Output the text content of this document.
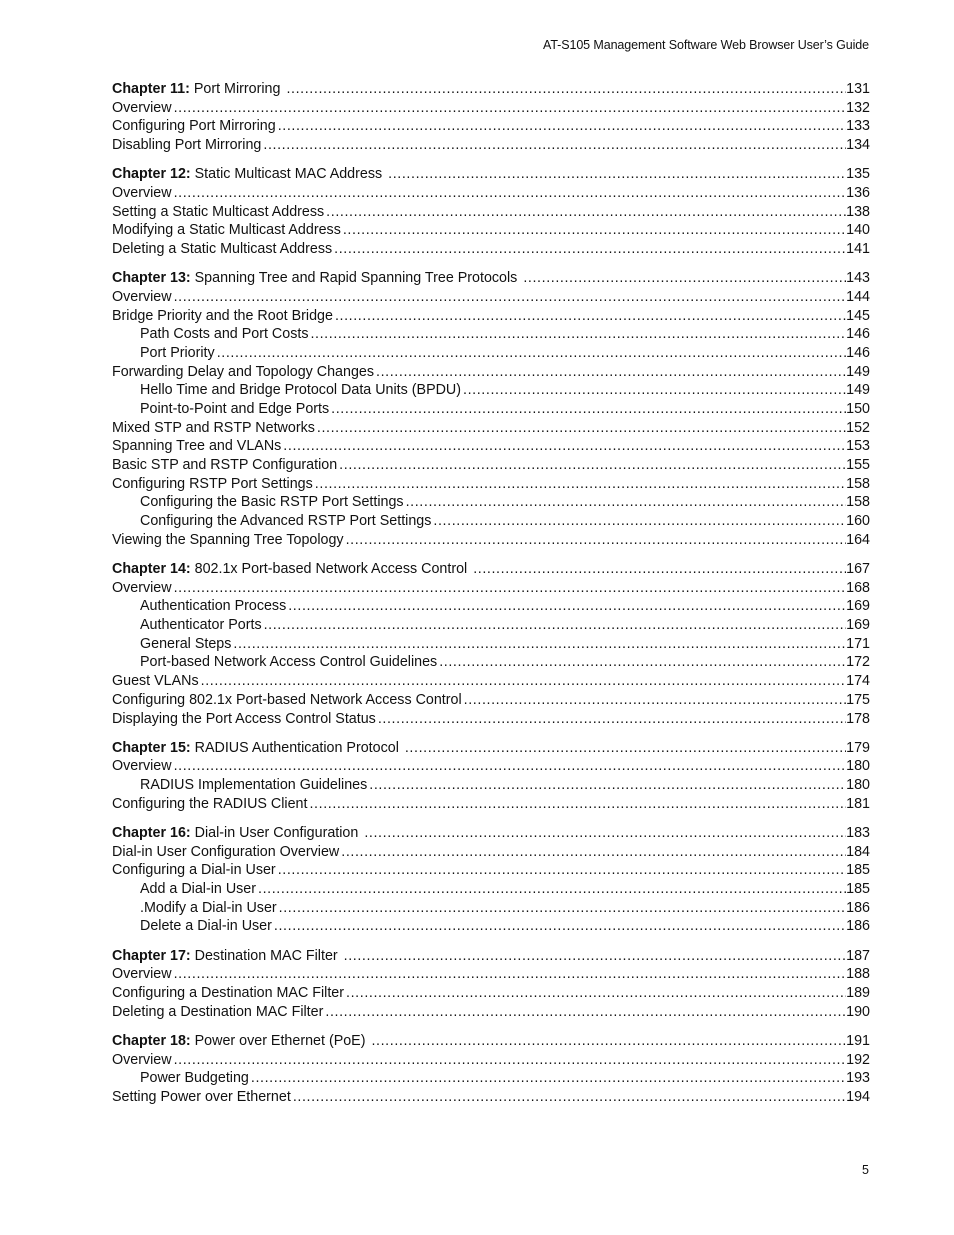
AT-S105 Management Software Web Browser User’s Guide
Chapter 11: Port Mirroring .....	131
Overview .....	132
Configuring Port Mirroring .....	133
Disabling Port Mirroring .....	134
Chapter 12: Static Multicast MAC Address .....	135
Overview .....	136
Setting a Static Multicast Address .....	138
Modifying a Static Multicast Address .....	140
Deleting a Static Multicast Address .....	141
Chapter 13: Spanning Tree and Rapid Spanning Tree Protocols .....	143
Overview .....	144
Bridge Priority and the Root Bridge .....	145
Path Costs and Port Costs .....	146
Port Priority .....	146
Forwarding Delay and Topology Changes .....	149
Hello Time and Bridge Protocol Data Units (BPDU) .....	149
Point-to-Point and Edge Ports .....	150
Mixed STP and RSTP Networks .....	152
Spanning Tree and VLANs .....	153
Basic STP and RSTP Configuration .....	155
Configuring RSTP Port Settings .....	158
Configuring the Basic RSTP Port Settings .....	158
Configuring the Advanced RSTP Port Settings .....	160
Viewing the Spanning Tree Topology .....	164
Chapter 14: 802.1x Port-based Network Access Control .....	167
Overview .....	168
Authentication Process .....	169
Authenticator Ports .....	169
General Steps .....	171
Port-based Network Access Control Guidelines .....	172
Guest VLANs .....	174
Configuring 802.1x Port-based Network Access Control .....	175
Displaying the Port Access Control Status .....	178
Chapter 15: RADIUS Authentication Protocol .....	179
Overview .....	180
RADIUS Implementation Guidelines .....	180
Configuring the RADIUS Client .....	181
Chapter 16: Dial-in User Configuration .....	183
Dial-in User Configuration Overview .....	184
Configuring a Dial-in User .....	185
Add a Dial-in User .....	185
.Modify a Dial-in User .....	186
Delete a Dial-in User .....	186
Chapter 17: Destination MAC Filter .....	187
Overview .....	188
Configuring a Destination MAC Filter .....	189
Deleting a Destination MAC Filter .....	190
Chapter 18: Power over Ethernet (PoE) .....	191
Overview .....	192
Power Budgeting .....	193
Setting Power over Ethernet .....	194
5
